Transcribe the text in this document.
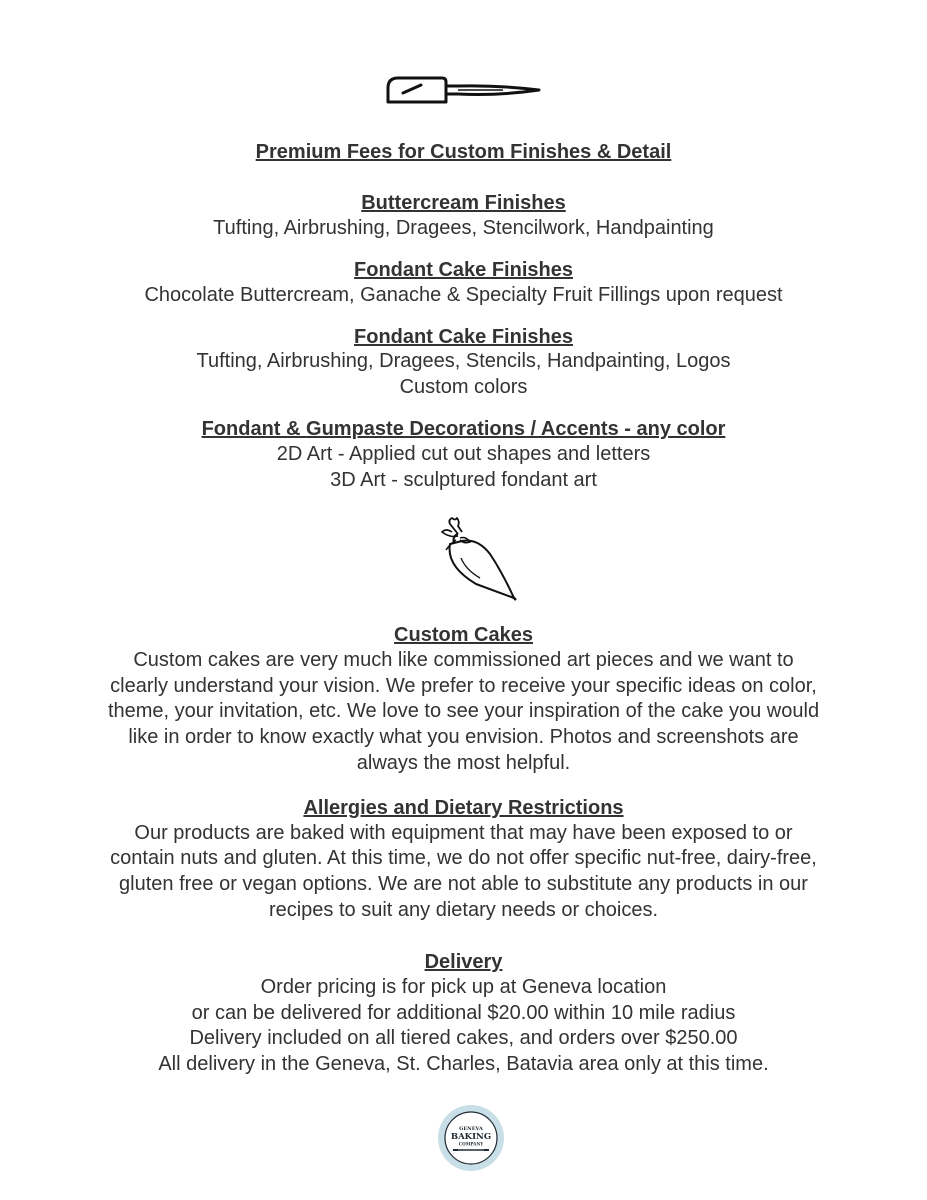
Premium Fees for Custom Finishes & Detail
Buttercream Finishes
Tufting, Airbrushing, Dragees, Stencilwork, Handpainting
Fondant Cake Finishes
Chocolate Buttercream, Ganache & Specialty Fruit Fillings upon request
Fondant Cake Finishes
Tufting, Airbrushing, Dragees, Stencils, Handpainting, Logos
Custom colors
Fondant & Gumpaste Decorations / Accents - any color
2D Art - Applied cut out shapes and letters
3D Art - sculptured fondant art
Custom Cakes
Custom cakes are very much like commissioned art pieces and we want to
clearly understand your vision. We prefer to receive your specific ideas on color,
theme, your invitation, etc. We love to see your inspiration of the cake you would
like in order to know exactly what you envision. Photos and screenshots are
always the most helpful.
Allergies and Dietary Restrictions
Our products are baked with equipment that may have been exposed to or
contain nuts and gluten. At this time, we do not offer specific nut-free, dairy-free,
gluten free or vegan options. We are not able to substitute any products in our
recipes to suit any dietary needs or choices.
Delivery
Order pricing is for pick up at Geneva location
or can be delivered for additional $20.00 within 10 mile radius
Delivery included on all tiered cakes, and orders over $250.00
All delivery in the Geneva, St. Charles, Batavia area only at this time.
GENEVA
BAKING
COMPANY
